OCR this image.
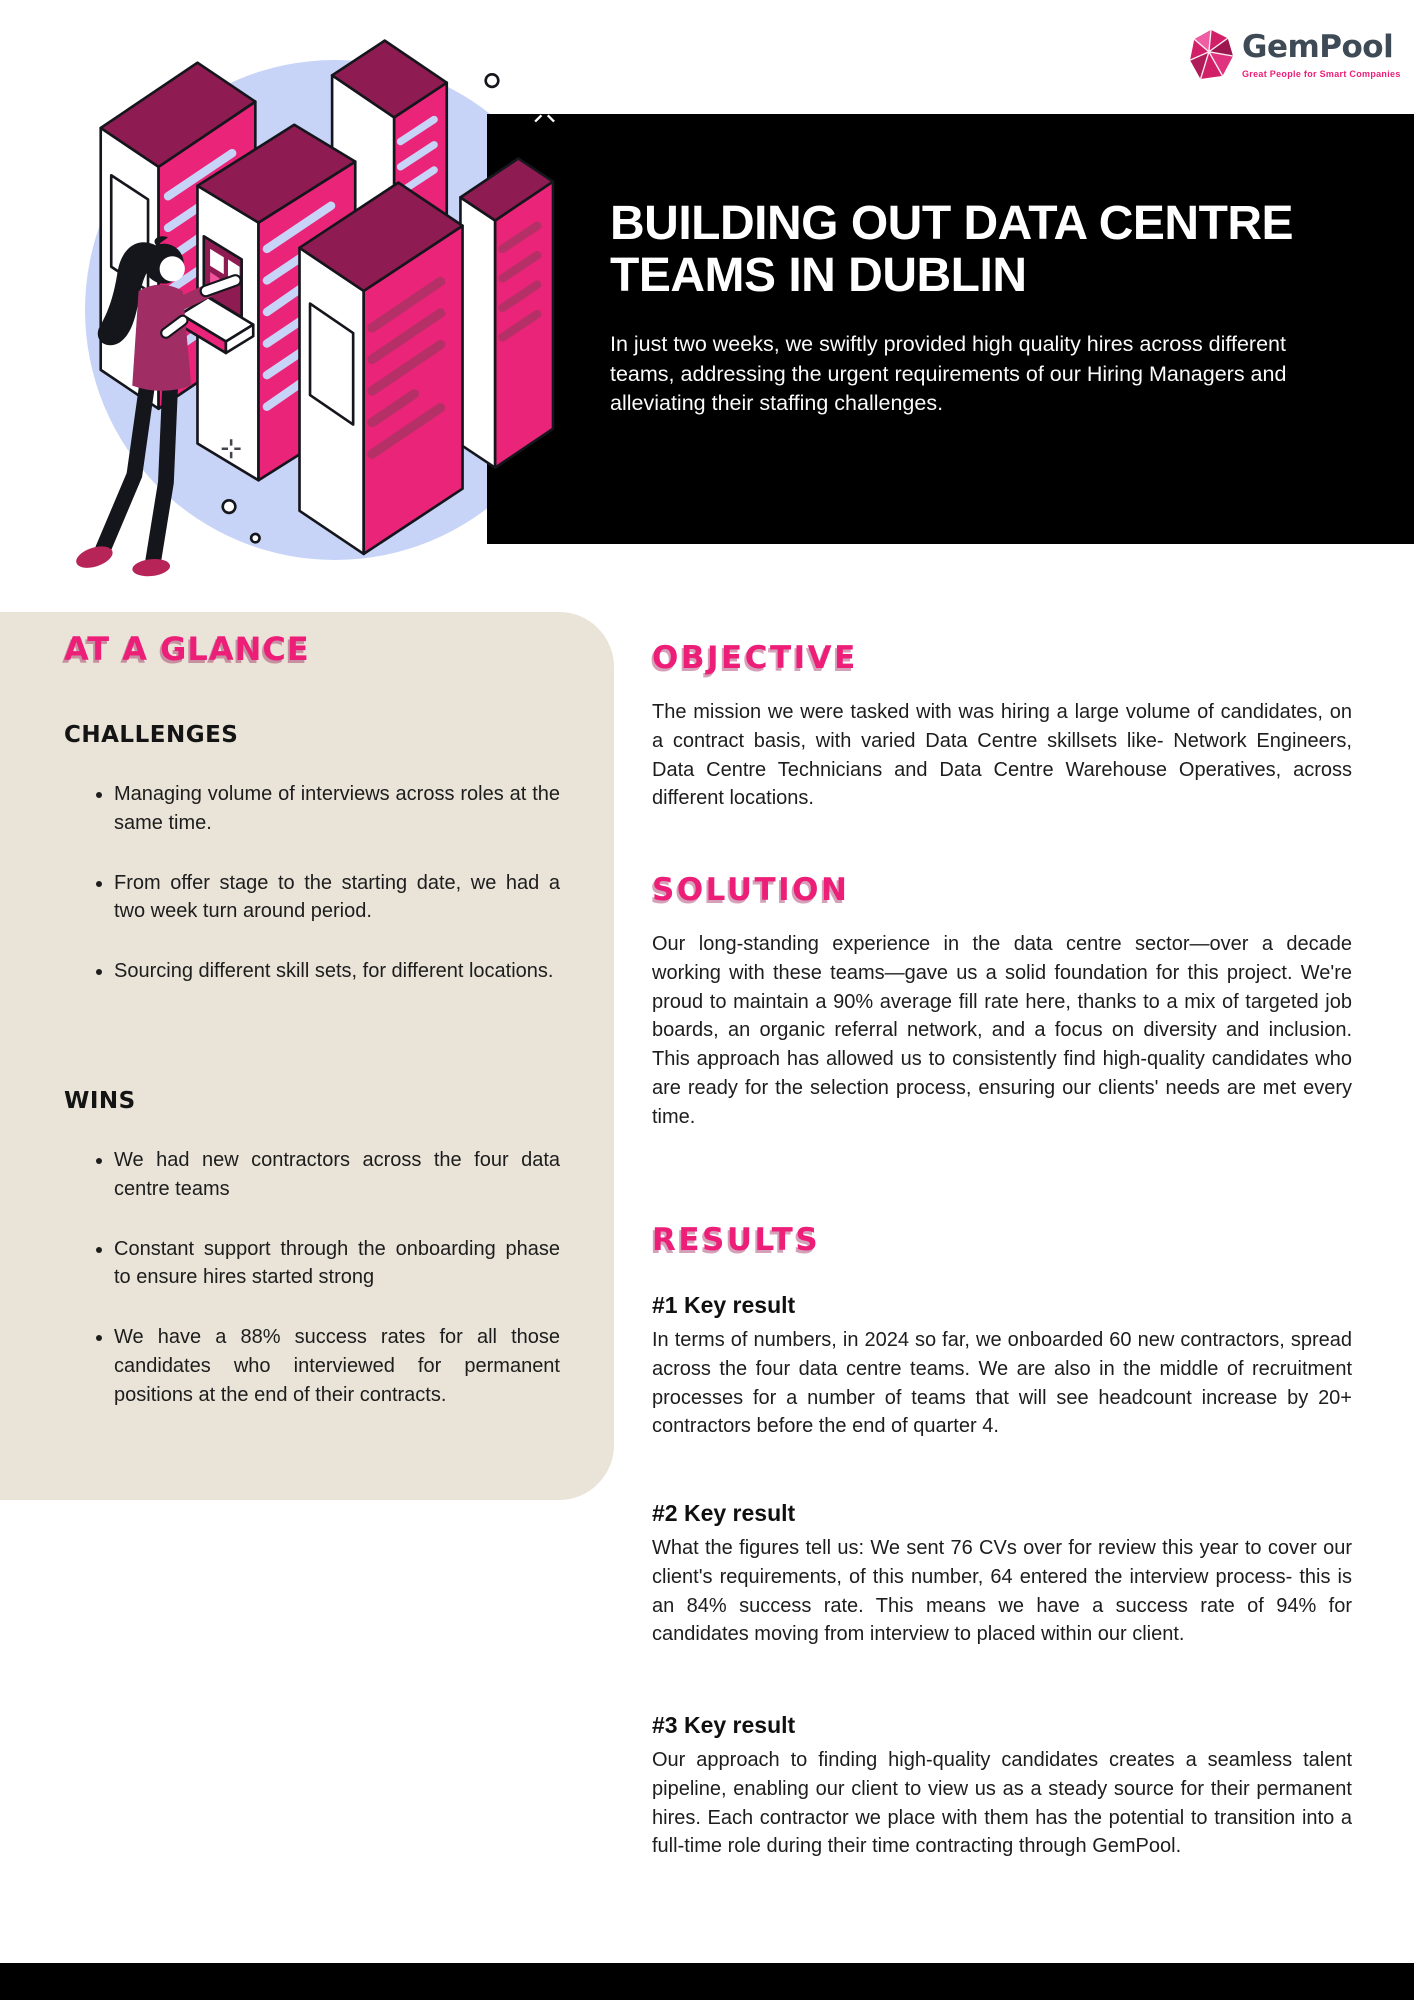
GemPool
Great People for Smart Companies
BUILDING OUT DATA CENTRE
TEAMS IN DUBLIN

In just two weeks, we swiftly provided high quality hires across different teams, addressing the urgent requirements of our Hiring Managers and alleviating their staffing challenges.

AT A GLANCE
CHALLENGES
• Managing volume of interviews across roles at the same time.
• From offer stage to the starting date, we had a two week turn around period.
• Sourcing different skill sets, for different locations.
WINS
• We had new contractors across the four data centre teams
• Constant support through the onboarding phase to ensure hires started strong
• We have a 88% success rates for all those candidates who interviewed for permanent positions at the end of their contracts.
OBJECTIVE

The mission we were tasked with was hiring a large volume of candidates, on a contract basis, with varied Data Centre skillsets like- Network Engineers, Data Centre Technicians and Data Centre Warehouse Operatives, across different locations.

SOLUTION

Our long-standing experience in the data centre sector—over a decade working with these teams—gave us a solid foundation for this project. We're proud to maintain a 90% average fill rate here, thanks to a mix of targeted job boards, an organic referral network, and a focus on diversity and inclusion. This approach has allowed us to consistently find high-quality candidates who are ready for the selection process, ensuring our clients' needs are met every time.

RESULTS
#1 Key result

In terms of numbers, in 2024 so far, we onboarded 60 new contractors, spread across the four data centre teams. We are also in the middle of recruitment processes for a number of teams that will see headcount increase by 20+ contractors before the end of quarter 4.

#2 Key result

What the figures tell us: We sent 76 CVs over for review this year to cover our client's requirements, of this number, 64 entered the interview process- this is an 84% success rate. This means we have a success rate of 94% for candidates moving from interview to placed within our client.

#3 Key result

Our approach to finding high-quality candidates creates a seamless talent pipeline, enabling our client to view us as a steady source for their permanent hires. Each contractor we place with them has the potential to transition into a full-time role during their time contracting through GemPool.
